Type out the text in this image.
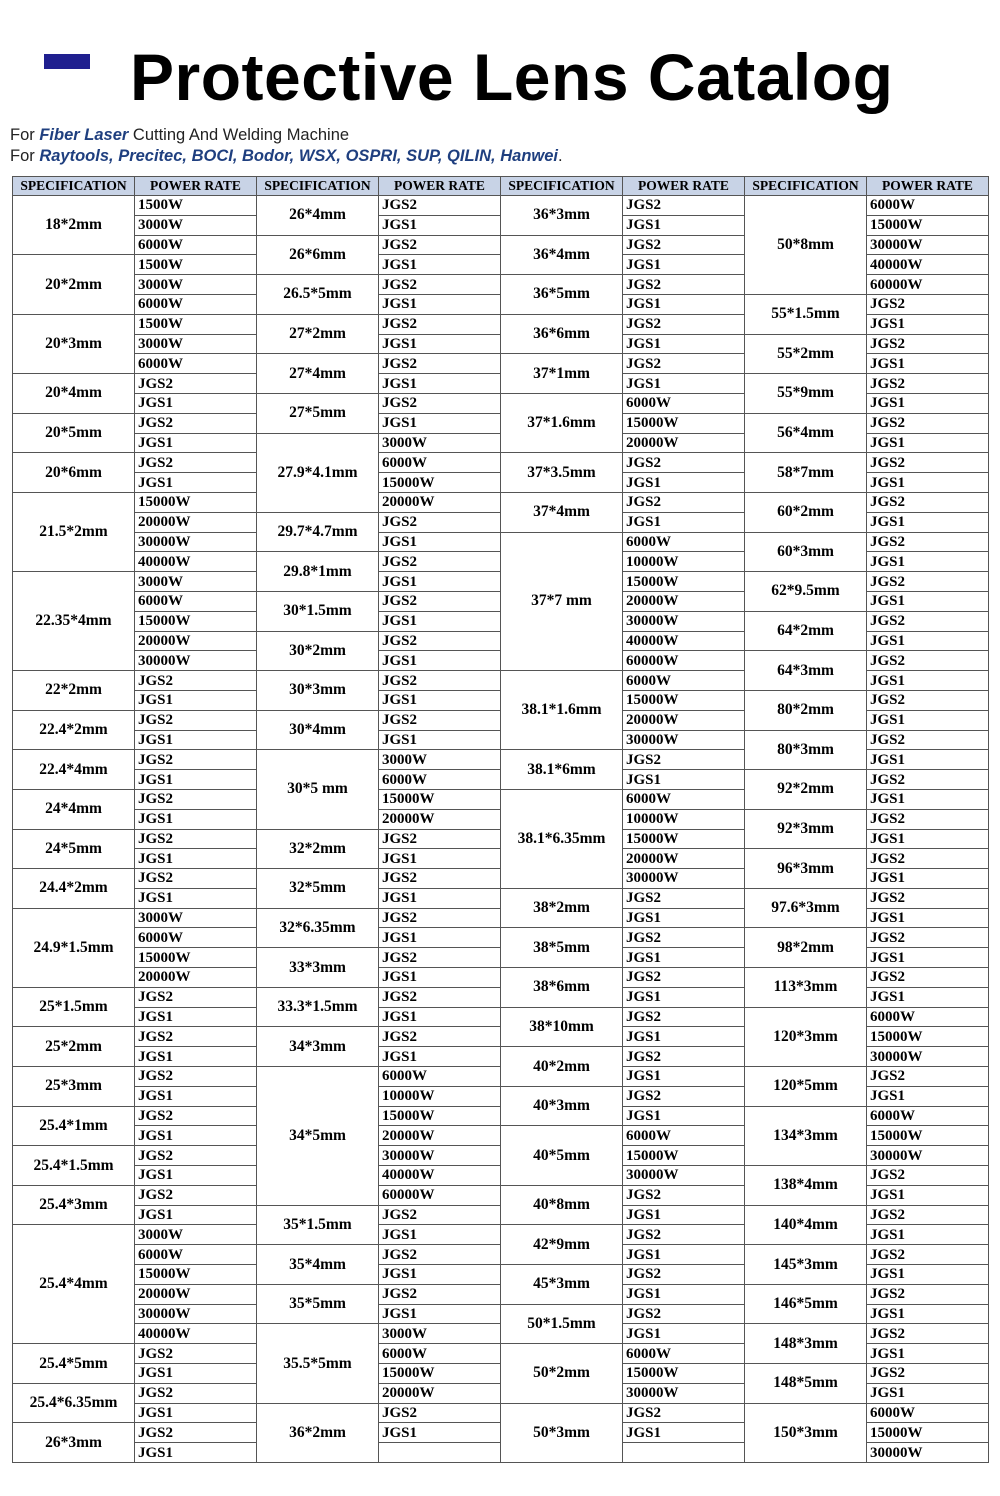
Protective Lens Catalog
For Fiber Laser Cutting And Welding Machine
For Raytools, Precitec, BOCI, Bodor, WSX, OSPRI, SUP, QILIN, Hanwei.
SPECIFICATION	POWER RATE	SPECIFICATION	POWER RATE	SPECIFICATION	POWER RATE	SPECIFICATION	POWER RATE
18*2mm	1500W	26*4mm	JGS2	36*3mm	JGS2	50*8mm	6000W
	3000W		JGS1		JGS1		15000W
	6000W	26*6mm	JGS2	36*4mm	JGS2		30000W
20*2mm	1500W		JGS1		JGS1		40000W
	3000W	26.5*5mm	JGS2	36*5mm	JGS2		60000W
	6000W		JGS1		JGS1	55*1.5mm	JGS2
20*3mm	1500W	27*2mm	JGS2	36*6mm	JGS2		JGS1
	3000W		JGS1		JGS1	55*2mm	JGS2
	6000W	27*4mm	JGS2	37*1mm	JGS2		JGS1
20*4mm	JGS2		JGS1		JGS1	55*9mm	JGS2
	JGS1	27*5mm	JGS2	37*1.6mm	6000W		JGS1
20*5mm	JGS2		JGS1		15000W	56*4mm	JGS2
	JGS1	27.9*4.1mm	3000W		20000W		JGS1
20*6mm	JGS2		6000W	37*3.5mm	JGS2	58*7mm	JGS2
	JGS1		15000W		JGS1		JGS1
21.5*2mm	15000W		20000W	37*4mm	JGS2	60*2mm	JGS2
	20000W	29.7*4.7mm	JGS2		JGS1		JGS1
	30000W		JGS1	37*7 mm	6000W	60*3mm	JGS2
	40000W	29.8*1mm	JGS2		10000W		JGS1
22.35*4mm	3000W		JGS1		15000W	62*9.5mm	JGS2
	6000W	30*1.5mm	JGS2		20000W		JGS1
	15000W		JGS1		30000W	64*2mm	JGS2
	20000W	30*2mm	JGS2		40000W		JGS1
	30000W		JGS1		60000W	64*3mm	JGS2
22*2mm	JGS2	30*3mm	JGS2	38.1*1.6mm	6000W		JGS1
	JGS1		JGS1		15000W	80*2mm	JGS2
22.4*2mm	JGS2	30*4mm	JGS2		20000W		JGS1
	JGS1		JGS1		30000W	80*3mm	JGS2
22.4*4mm	JGS2	30*5 mm	3000W	38.1*6mm	JGS2		JGS1
	JGS1		6000W		JGS1	92*2mm	JGS2
24*4mm	JGS2		15000W	38.1*6.35mm	6000W		JGS1
	JGS1		20000W		10000W	92*3mm	JGS2
24*5mm	JGS2	32*2mm	JGS2		15000W		JGS1
	JGS1		JGS1		20000W	96*3mm	JGS2
24.4*2mm	JGS2	32*5mm	JGS2		30000W		JGS1
	JGS1		JGS1	38*2mm	JGS2	97.6*3mm	JGS2
24.9*1.5mm	3000W	32*6.35mm	JGS2		JGS1		JGS1
	6000W		JGS1	38*5mm	JGS2	98*2mm	JGS2
	15000W	33*3mm	JGS2		JGS1		JGS1
	20000W		JGS1	38*6mm	JGS2	113*3mm	JGS2
25*1.5mm	JGS2	33.3*1.5mm	JGS2		JGS1		JGS1
	JGS1		JGS1	38*10mm	JGS2	120*3mm	6000W
25*2mm	JGS2	34*3mm	JGS2		JGS1		15000W
	JGS1		JGS1	40*2mm	JGS2		30000W
25*3mm	JGS2	34*5mm	6000W		JGS1	120*5mm	JGS2
	JGS1		10000W	40*3mm	JGS2		JGS1
25.4*1mm	JGS2		15000W		JGS1	134*3mm	6000W
	JGS1		20000W	40*5mm	6000W		15000W
25.4*1.5mm	JGS2		30000W		15000W		30000W
	JGS1		40000W		30000W	138*4mm	JGS2
25.4*3mm	JGS2		60000W	40*8mm	JGS2		JGS1
	JGS1	35*1.5mm	JGS2		JGS1	140*4mm	JGS2
25.4*4mm	3000W		JGS1	42*9mm	JGS2		JGS1
	6000W	35*4mm	JGS2		JGS1	145*3mm	JGS2
	15000W		JGS1	45*3mm	JGS2		JGS1
	20000W	35*5mm	JGS2		JGS1	146*5mm	JGS2
	30000W		JGS1	50*1.5mm	JGS2		JGS1
	40000W	35.5*5mm	3000W		JGS1	148*3mm	JGS2
25.4*5mm	JGS2		6000W	50*2mm	6000W		JGS1
	JGS1		15000W		15000W	148*5mm	JGS2
25.4*6.35mm	JGS2		20000W		30000W		JGS1
	JGS1	36*2mm	JGS2	50*3mm	JGS2	150*3mm	6000W
26*3mm	JGS2		JGS1		JGS1		15000W
	JGS1						30000W
